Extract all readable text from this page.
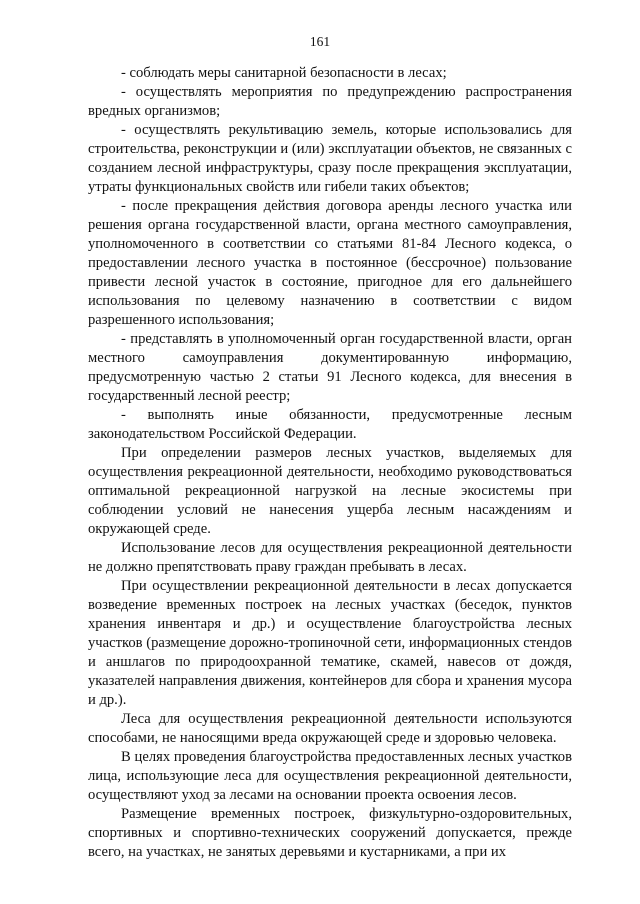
161

- соблюдать меры санитарной безопасности в лесах;

- осуществлять мероприятия по предупреждению распространения вредных организмов;

- осуществлять рекультивацию земель, которые использовались для строительства, реконструкции и (или) эксплуатации объектов, не связанных с созданием лесной инфраструктуры, сразу после прекращения эксплуатации, утраты функциональных свойств или гибели таких объектов;

- после прекращения действия договора аренды лесного участка или решения органа государственной власти, органа местного самоуправления, уполномоченного в соответствии со статьями 81-84 Лесного кодекса, о предоставлении лесного участка в постоянное (бессрочное) пользование привести лесной участок в состояние, пригодное для его дальнейшего использования по целевому назначению в соответствии с видом разрешенного использования;

- представлять в уполномоченный орган государственной власти, орган местного самоуправления документированную информацию, предусмотренную частью 2 статьи 91 Лесного кодекса, для внесения в государственный лесной реестр;

- выполнять иные обязанности, предусмотренные лесным законодательством Российской Федерации.

При определении размеров лесных участков, выделяемых для осуществления рекреационной деятельности, необходимо руководствоваться оптимальной рекреационной нагрузкой на лесные экосистемы при соблюдении условий не нанесения ущерба лесным насаждениям и окружающей среде.

Использование лесов для осуществления рекреационной деятельности не должно препятствовать праву граждан пребывать в лесах.

При осуществлении рекреационной деятельности в лесах допускается возведение временных построек на лесных участках (беседок, пунктов хранения инвентаря и др.) и осуществление благоустройства лесных участков (размещение дорожно-тропиночной сети, информационных стендов и аншлагов по природоохранной тематике, скамей, навесов от дождя, указателей направления движения, контейнеров для сбора и хранения мусора и др.).

Леса для осуществления рекреационной деятельности используются способами, не наносящими вреда окружающей среде и здоровью человека.

В целях проведения благоустройства предоставленных лесных участков лица, использующие леса для осуществления рекреационной деятельности, осуществляют уход за лесами на основании проекта освоения лесов.

Размещение временных построек, физкультурно-оздоровительных, спортивных и спортивно-технических сооружений допускается, прежде всего, на участках, не занятых деревьями и кустарниками, а при их
